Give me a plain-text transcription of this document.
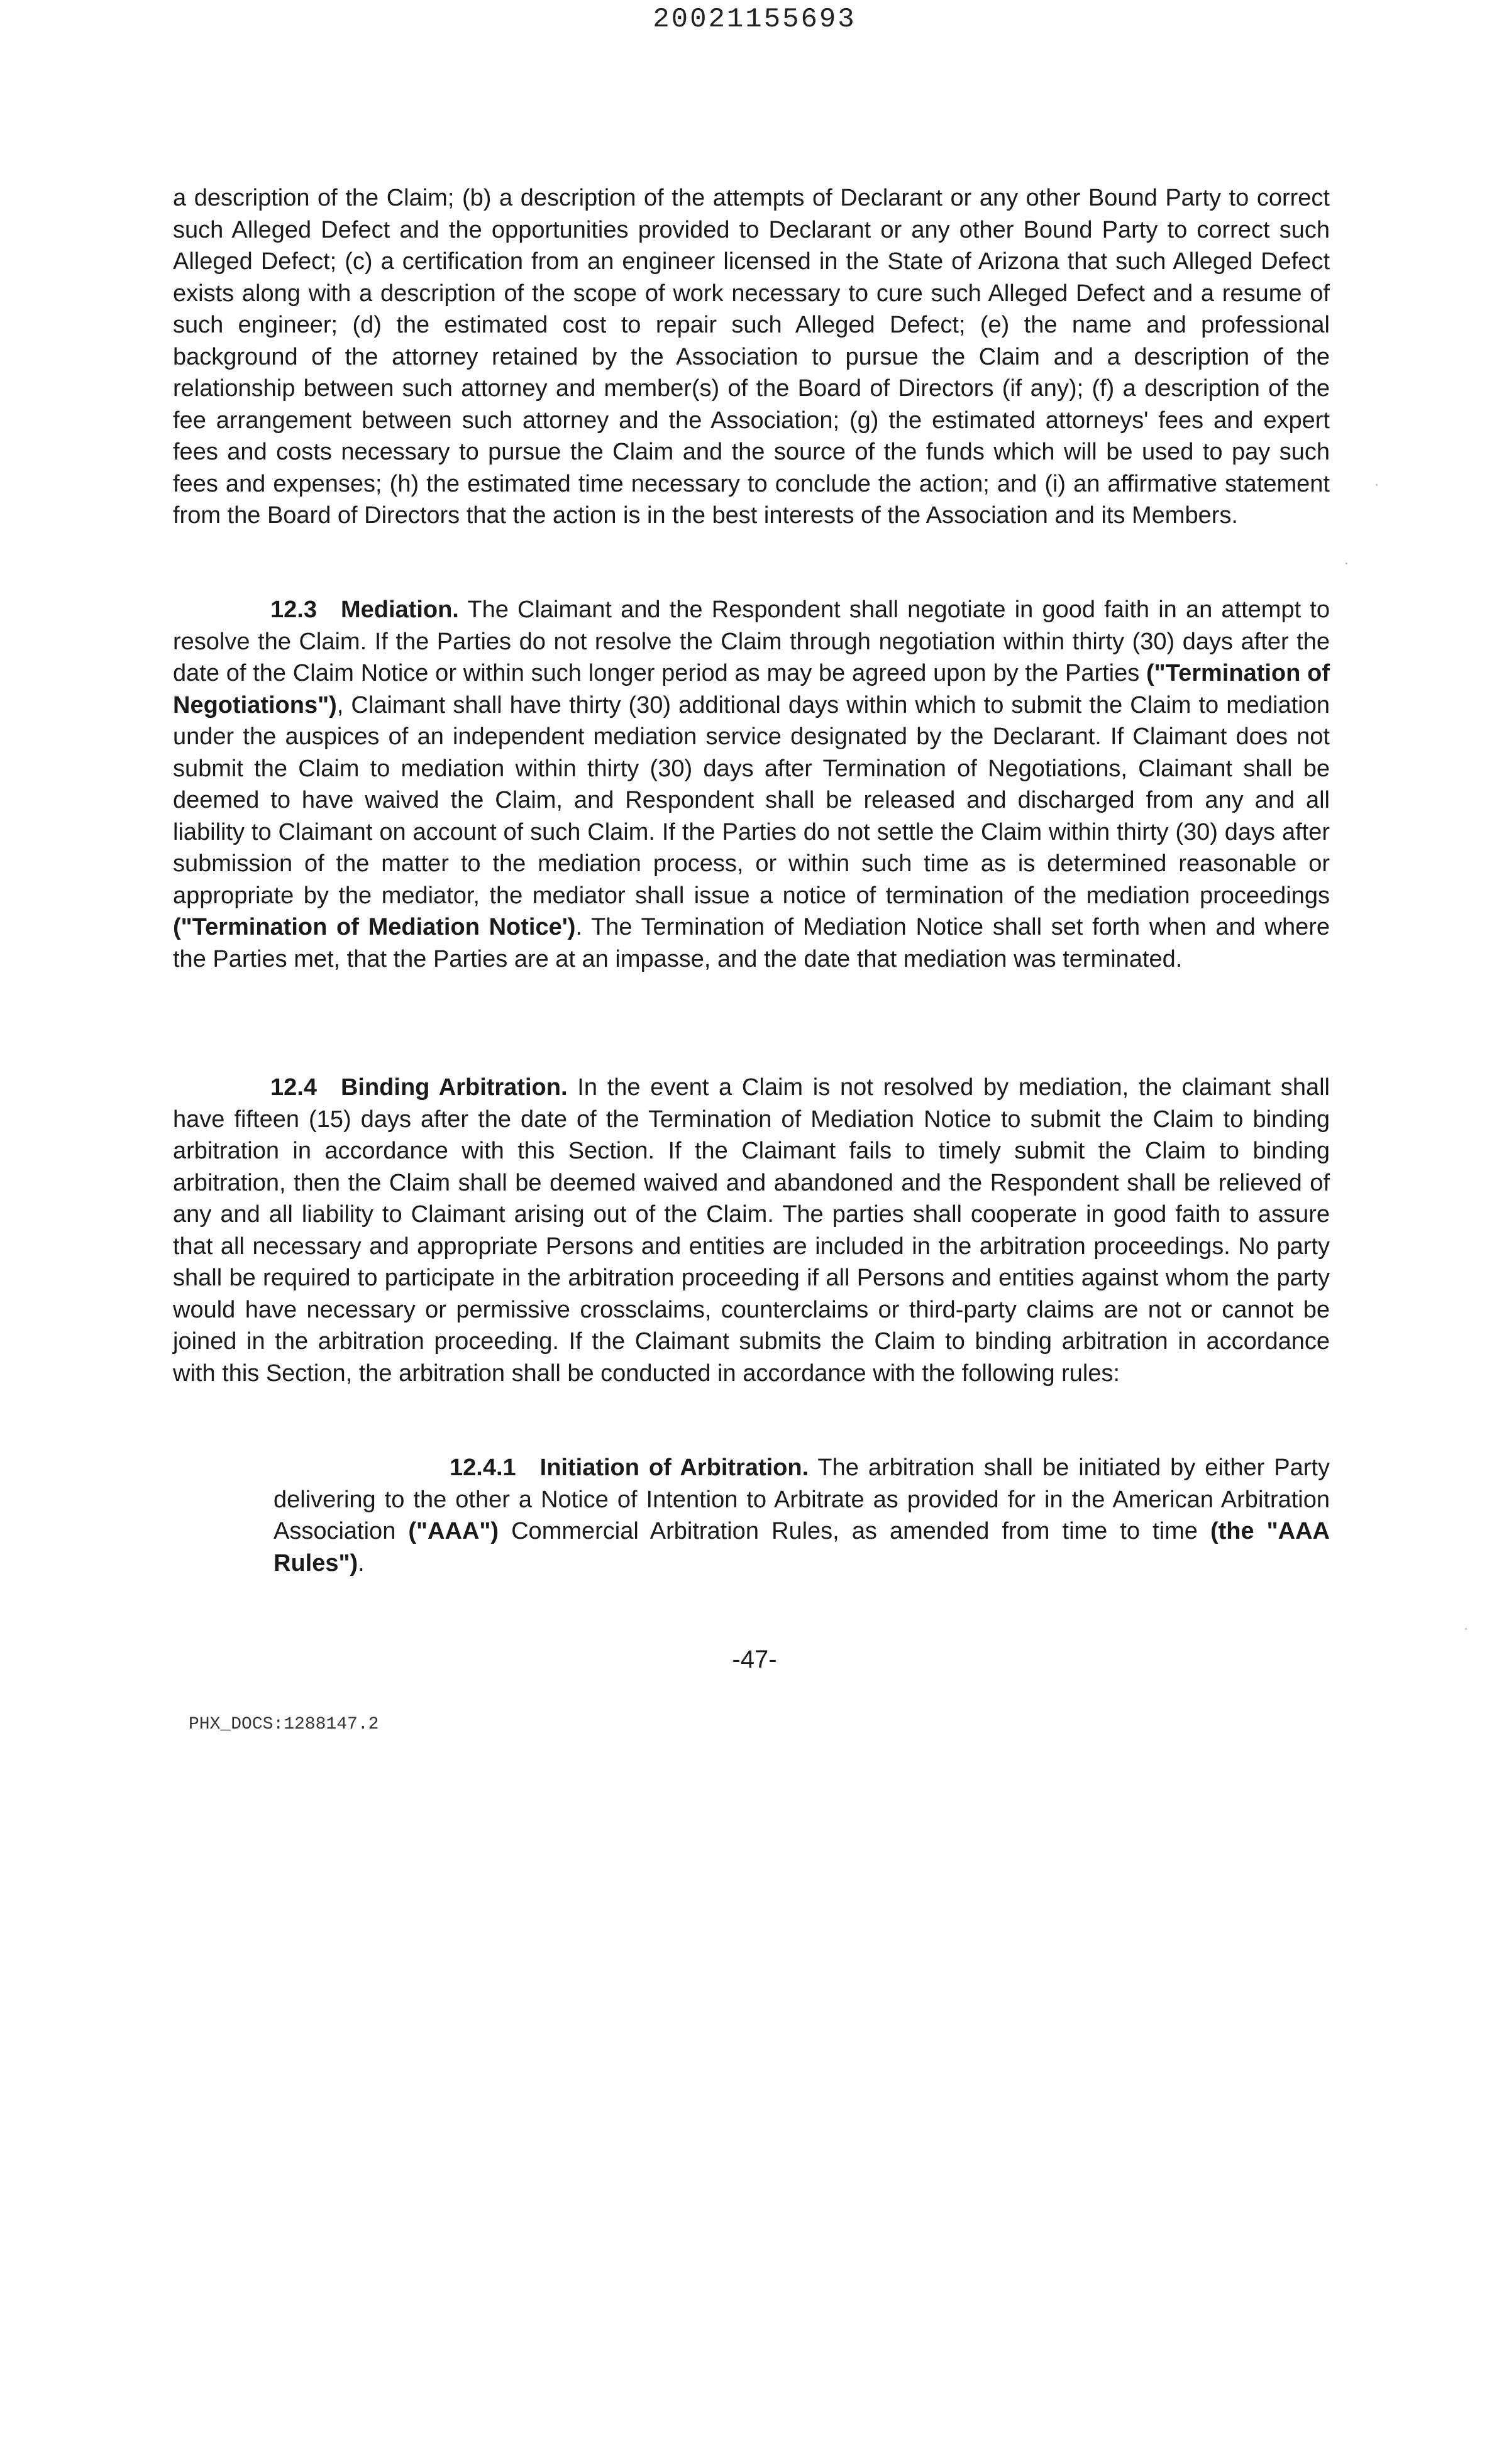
20021155693

a description of the Claim; (b) a description of the attempts of Declarant or any other Bound Party to correct such Alleged Defect and the opportunities provided to Declarant or any other Bound Party to correct such Alleged Defect; (c) a certification from an engineer licensed in the State of Arizona that such Alleged Defect exists along with a description of the scope of work necessary to cure such Alleged Defect and a resume of such engineer; (d) the estimated cost to repair such Alleged Defect; (e) the name and professional background of the attorney retained by the Association to pursue the Claim and a description of the relationship between such attorney and member(s) of the Board of Directors (if any); (f) a description of the fee arrangement between such attorney and the Association; (g) the estimated attorneys' fees and expert fees and costs necessary to pursue the Claim and the source of the funds which will be used to pay such fees and expenses; (h) the estimated time necessary to conclude the action; and (i) an affirmative statement from the Board of Directors that the action is in the best interests of the Association and its Members.

12.3 Mediation. The Claimant and the Respondent shall negotiate in good faith in an attempt to resolve the Claim. If the Parties do not resolve the Claim through negotiation within thirty (30) days after the date of the Claim Notice or within such longer period as may be agreed upon by the Parties ("Termination of Negotiations"), Claimant shall have thirty (30) additional days within which to submit the Claim to mediation under the auspices of an independent mediation service designated by the Declarant. If Claimant does not submit the Claim to mediation within thirty (30) days after Termination of Negotiations, Claimant shall be deemed to have waived the Claim, and Respondent shall be released and discharged from any and all liability to Claimant on account of such Claim. If the Parties do not settle the Claim within thirty (30) days after submission of the matter to the mediation process, or within such time as is determined reasonable or appropriate by the mediator, the mediator shall issue a notice of termination of the mediation proceedings ("Termination of Mediation Notice'). The Termination of Mediation Notice shall set forth when and where the Parties met, that the Parties are at an impasse, and the date that mediation was terminated.

12.4 Binding Arbitration. In the event a Claim is not resolved by mediation, the claimant shall have fifteen (15) days after the date of the Termination of Mediation Notice to submit the Claim to binding arbitration in accordance with this Section. If the Claimant fails to timely submit the Claim to binding arbitration, then the Claim shall be deemed waived and abandoned and the Respondent shall be relieved of any and all liability to Claimant arising out of the Claim. The parties shall cooperate in good faith to assure that all necessary and appropriate Persons and entities are included in the arbitration proceedings. No party shall be required to participate in the arbitration proceeding if all Persons and entities against whom the party would have necessary or permissive crossclaims, counterclaims or third-party claims are not or cannot be joined in the arbitration proceeding. If the Claimant submits the Claim to binding arbitration in accordance with this Section, the arbitration shall be conducted in accordance with the following rules:

12.4.1 Initiation of Arbitration. The arbitration shall be initiated by either Party delivering to the other a Notice of Intention to Arbitrate as provided for in the American Arbitration Association ("AAA") Commercial Arbitration Rules, as amended from time to time (the "AAA Rules").

-47-
PHX_DOCS:1288147.2
